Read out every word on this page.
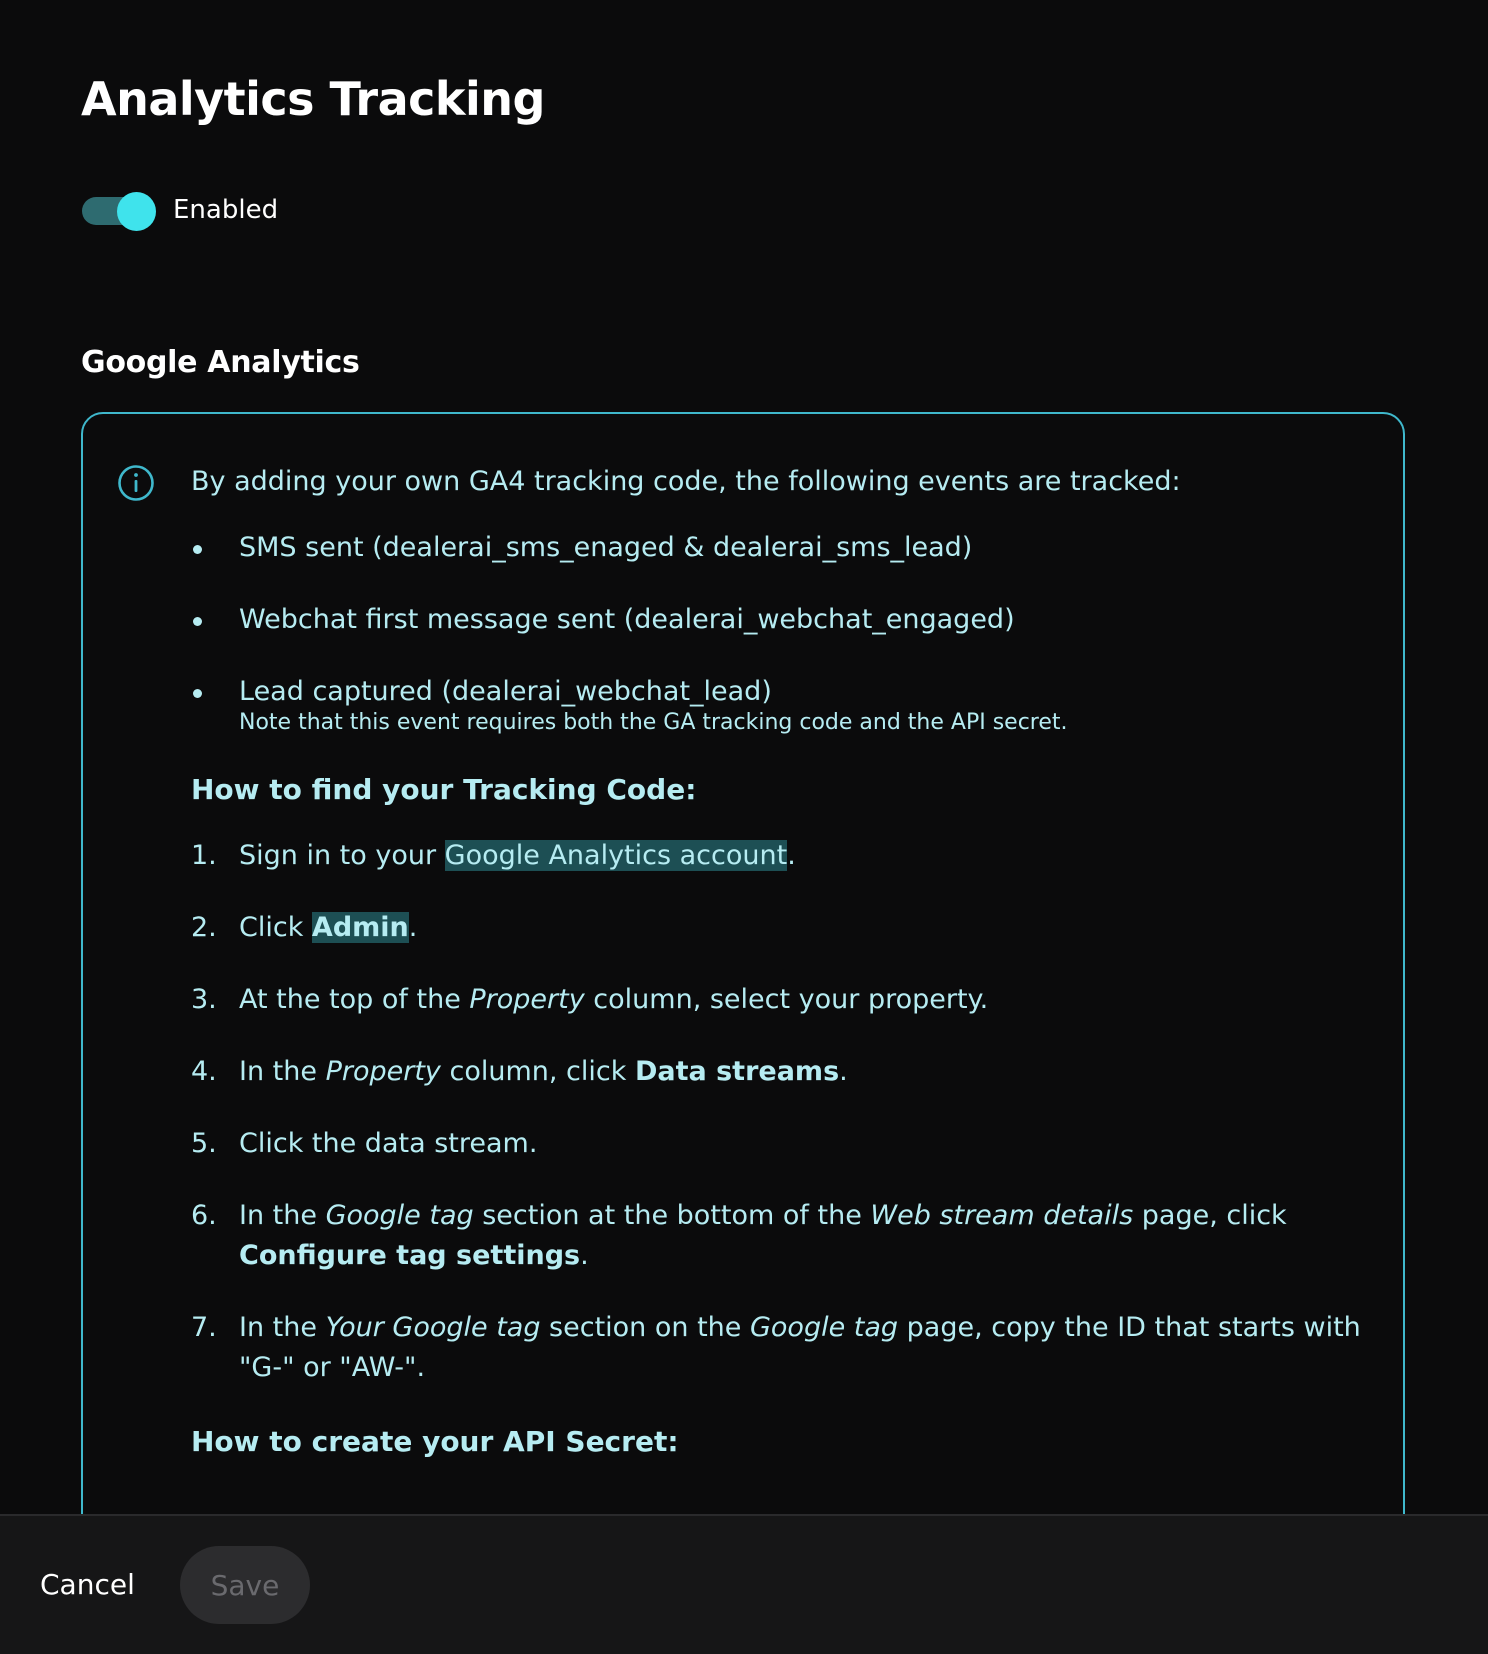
Analytics Tracking
Enabled
Google Analytics

By adding your own GA4 tracking code, the following events are tracked:

SMS sent (dealerai_sms_enaged & dealerai_sms_lead)
Webchat first message sent (dealerai_webchat_engaged)
Lead captured (dealerai_webchat_lead)
Note that this event requires both the GA tracking code and the API secret.
How to find your Tracking Code:
1. Sign in to your Google Analytics account.
2. Click Admin.
3. At the top of the Property column, select your property.
4. In the Property column, click Data streams.
5. Click the data stream.
6. In the Google tag section at the bottom of the Web stream details page, click Configure tag settings.
7. In the Your Google tag section on the Google tag page, copy the ID that starts with "G-" or "AW-".
How to create your API Secret:
Cancel	Save
